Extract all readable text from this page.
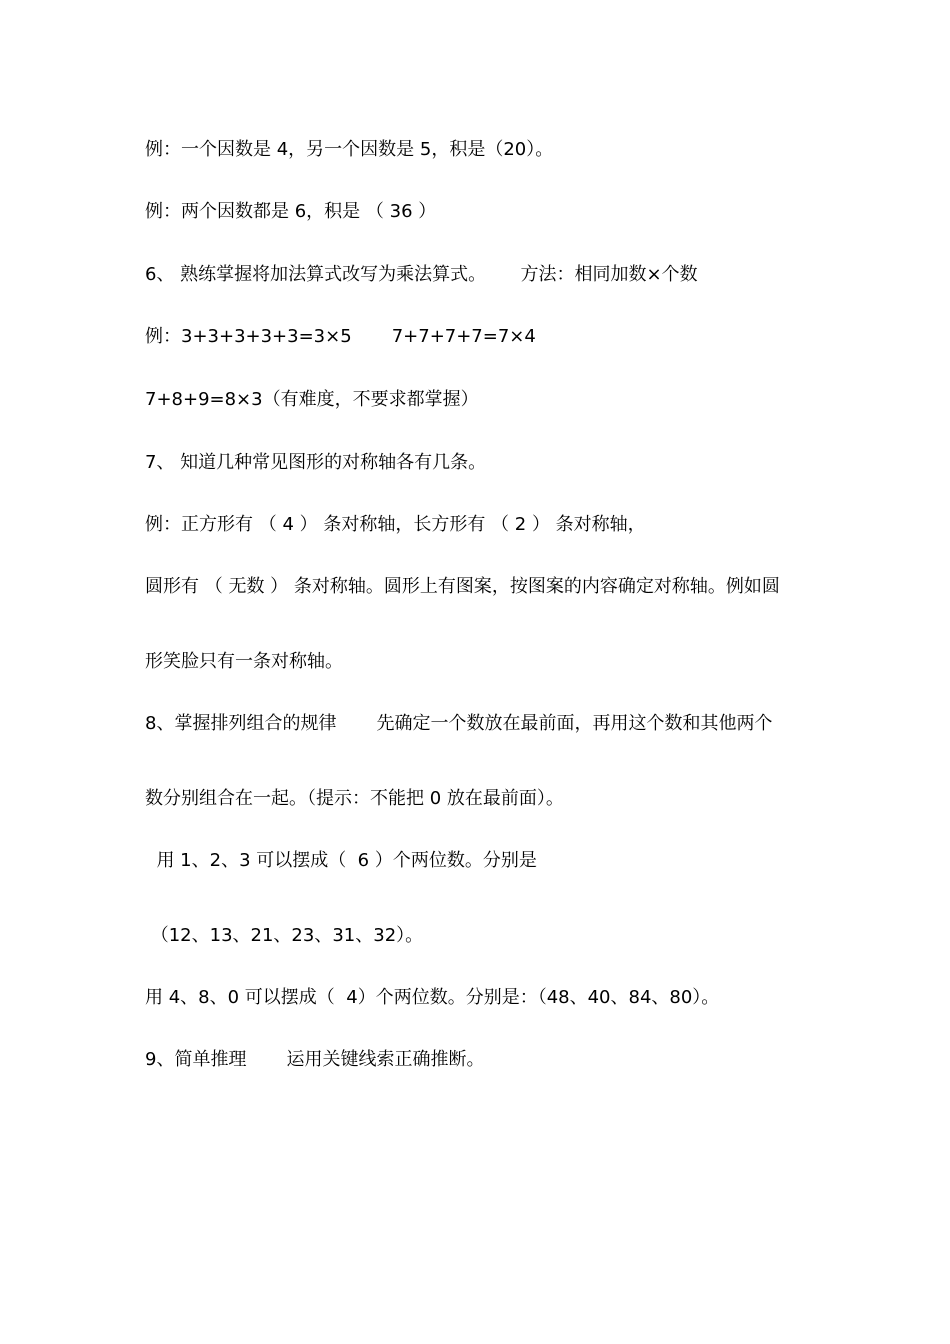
例：一个因数是 4，另一个因数是 5，积是（20）。

例：两个因数都是 6，积是 （ 36 ）

6、 熟练掌握将加法算式改写为乘法算式。      方法：相同加数×个数

例：3+3+3+3+3=3×5       7+7+7+7=7×4

7+8+9=8×3（有难度，不要求都掌握）

7、 知道几种常见图形的对称轴各有几条。

例：正方形有 （ 4 ） 条对称轴，长方形有 （ 2 ） 条对称轴，

圆形有 （ 无数 ） 条对称轴。圆形上有图案，按图案的内容确定对称轴。例如圆

形笑脸只有一条对称轴。

8、掌握排列组合的规律       先确定一个数放在最前面，再用这个数和其他两个

数分别组合在一起。（提示：不能把 0 放在最前面）。

用 1、2、3 可以摆成（  6 ）个两位数。分别是

（12、13、21、23、31、32）。

用 4、8、0 可以摆成（  4）个两位数。分别是：（48、40、84、80）。

9、简单推理       运用关键线索正确推断。
